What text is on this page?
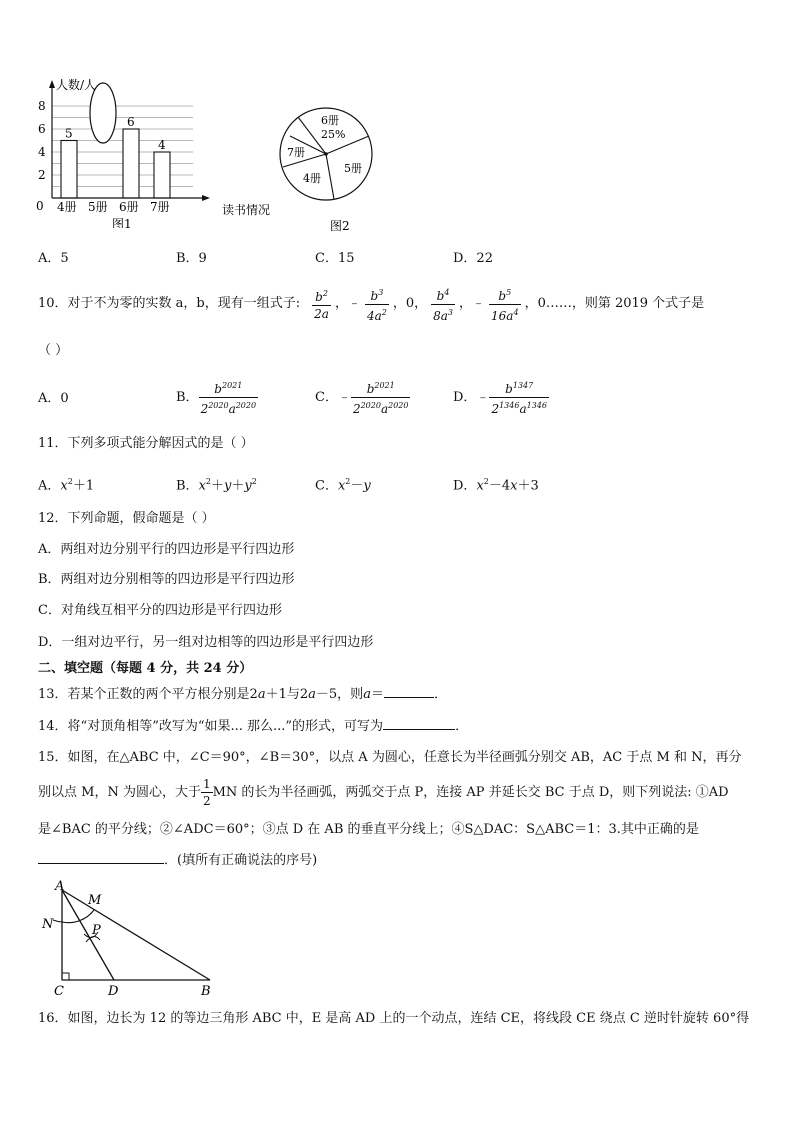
5
6
4
0
2
4
6
8
4册 5册 6册 7册
人数/人
读书情况
图1
6册
25%
5册
4册
7册
图2
A．5	B．9	C．15	D．22
10．对于不为零的实数 a，b，现有一组式子: $\frac{b^2}{2a}$ ，﹣ $\frac{b^3}{4a^2}$ ，0， $\frac{b^4}{8a^3}$ ，﹣ $\frac{b^5}{16a^4}$ ，0……，则第 2019 个式子是
（ ）
A．0	B． $\frac{b^{2021}}{2^{2020}a^{2020}}$	C．﹣ $\frac{b^{2021}}{2^{2020}a^{2020}}$	D．﹣ $\frac{b^{1347}}{2^{1346}a^{1346}}$
11．下列多项式能分解因式的是（ ）
A．$x^2+1$	B．$x^2+y+y^2$	C．$x^2-y$	D．$x^2-4x+3$
12．下列命题，假命题是（ ）
A．两组对边分别平行的四边形是平行四边形
B．两组对边分别相等的四边形是平行四边形
C．对角线互相平分的四边形是平行四边形
D．一组对边平行，另一组对边相等的四边形是平行四边形
二、填空题（每题 4 分，共 24 分）
13．若某个正数的两个平方根分别是2a＋1与2a－5，则a＝	．
14．将“对顶角相等”改写为“如果... 那么...”的形式，可写为	．
15．如图，在△ABC 中，∠C＝90°，∠B＝30°，以点 A 为圆心，任意长为半径画弧分别交 AB，AC 于点 M 和 N，再分
别以点 M，N 为圆心，大于 $\frac{1}{2}$ MN 的长为半径画弧，两弧交于点 P，连接 AP 并延长交 BC 于点 D，则下列说法: ①AD
是∠BAC 的平分线；②∠ADC＝60°；③点 D 在 AB 的垂直平分线上；④S△DAC：S△ABC＝1：3.其中正确的是
．(填所有正确说法的序号)
A
M
N	P
C	D	B
16．如图，边长为 12 的等边三角形 ABC 中，E 是高 AD 上的一个动点，连结 CE，将线段 CE 绕点 C 逆时针旋转 60°得
